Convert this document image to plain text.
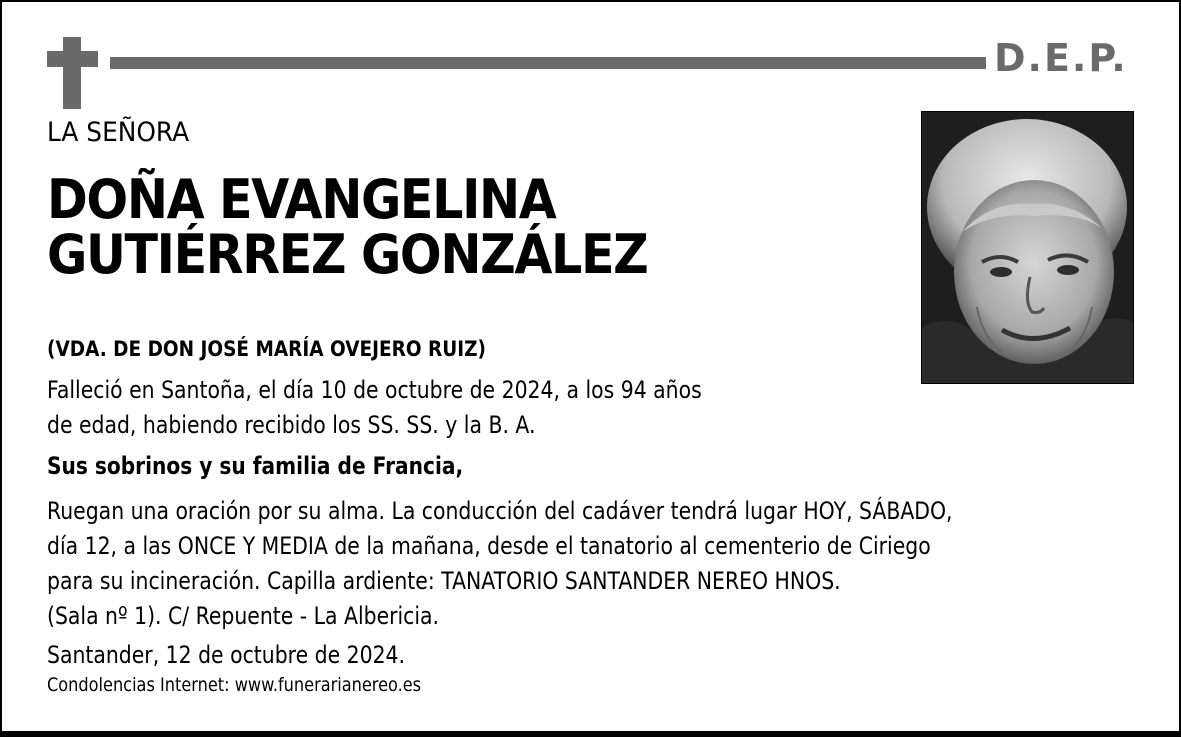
D.E.P.
LA SEÑORA
DOÑA EVANGELINA
GUTIÉRREZ GONZÁLEZ
(VDA. DE DON JOSÉ MARÍA OVEJERO RUIZ)

Falleció en Santoña, el día 10 de octubre de 2024, a los 94 años

de edad, habiendo recibido los SS. SS. y la B. A.

Sus sobrinos y su familia de Francia,

Ruegan una oración por su alma. La conducción del cadáver tendrá lugar HOY, SÁBADO,

día 12, a las ONCE Y MEDIA de la mañana, desde el tanatorio al cementerio de Ciriego

para su incineración. Capilla ardiente: TANATORIO SANTANDER NEREO HNOS.

(Sala nº 1). C/ Repuente - La Albericia.

Santander, 12 de octubre de 2024.
Condolencias Internet: www.funerarianereo.es
